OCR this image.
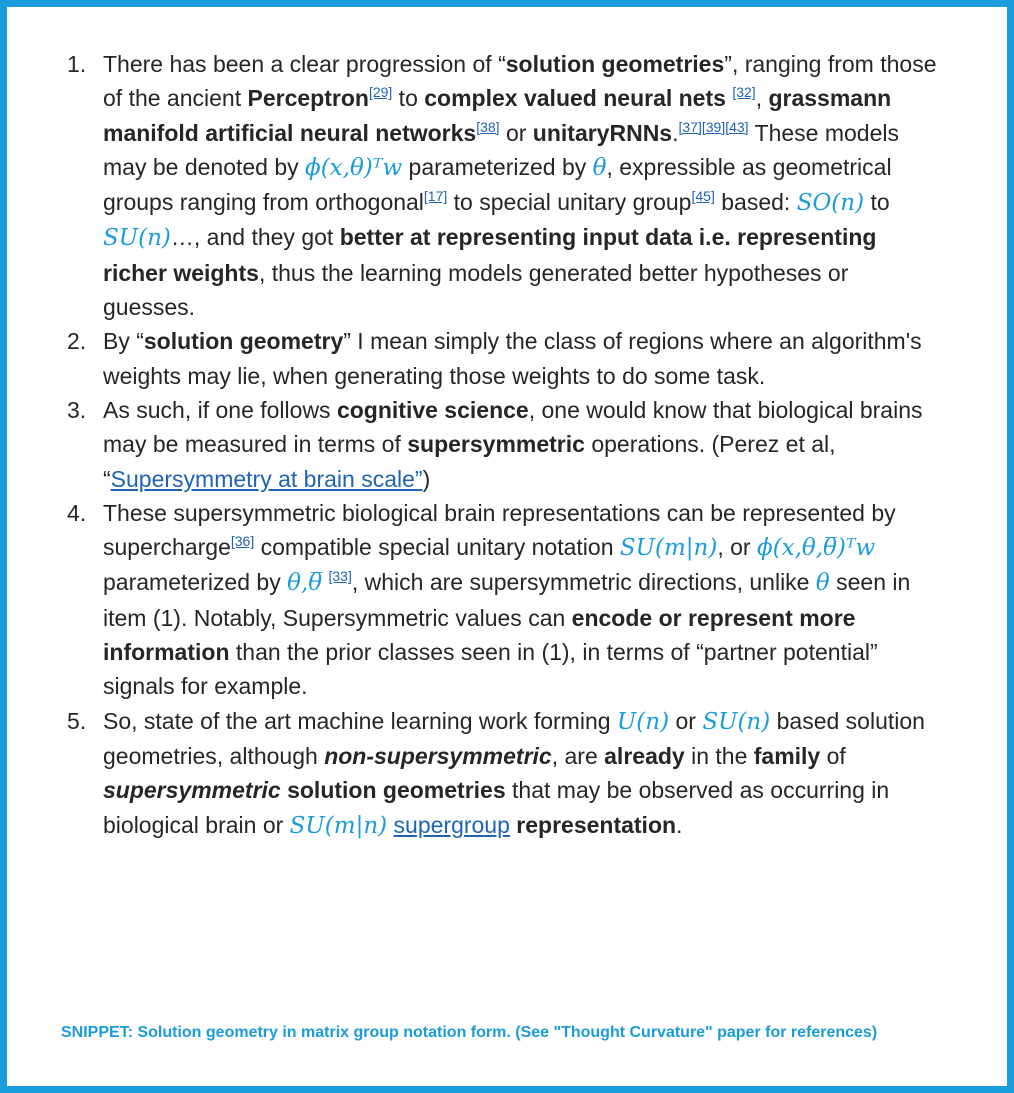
1. There has been a clear progression of “solution geometries”, ranging from those of the ancient Perceptron[29] to complex valued neural nets [32], grassmann manifold artificial neural networks[38] or unitaryRNNs.[37][39][43] These models may be denoted by ϕ(x,θ)ᵀw parameterized by θ, expressible as geometrical groups ranging from orthogonal[17] to special unitary group[45] based: SO(n) to SU(n)…, and they got better at representing input data i.e. representing richer weights, thus the learning models generated better hypotheses or guesses.
2. By “solution geometry” I mean simply the class of regions where an algorithm's weights may lie, when generating those weights to do some task.
3. As such, if one follows cognitive science, one would know that biological brains may be measured in terms of supersymmetric operations. (Perez et al, “Supersymmetry at brain scale”)
4. These supersymmetric biological brain representations can be represented by supercharge[36] compatible special unitary notation SU(m|n), or ϕ(x,θ,θ̅)ᵀw parameterized by θ,θ̅ [33], which are supersymmetric directions, unlike θ seen in item (1). Notably, Supersymmetric values can encode or represent more information than the prior classes seen in (1), in terms of “partner potential” signals for example.
5. So, state of the art machine learning work forming U(n) or SU(n) based solution geometries, although non-supersymmetric, are already in the family of supersymmetric solution geometries that may be observed as occurring in biological brain or SU(m|n) supergroup representation.
SNIPPET: Solution geometry in matrix group notation form. (See "Thought Curvature" paper for references)
